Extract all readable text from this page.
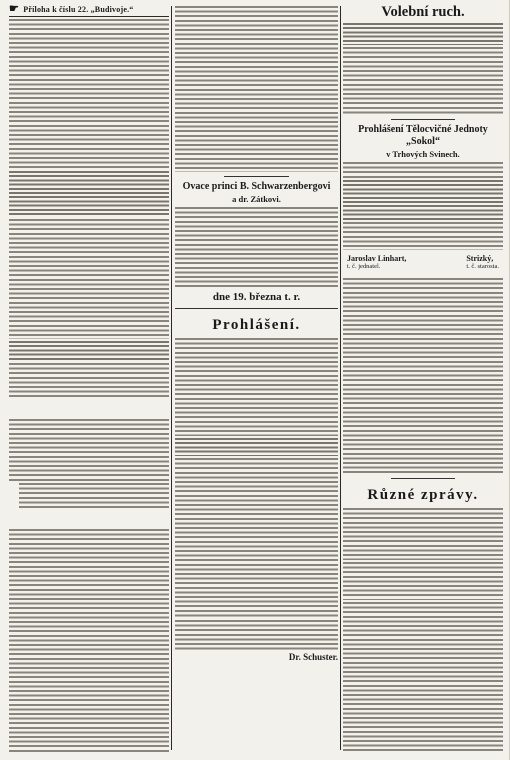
☛ Příloha k číslu 22. „Budivoje.“

Ovace princi B. Schwarzenbergovi
a dr. Zátkovi.
dne 19. března t. r.
Prohlášení.
Dr. Schuster.
Volební ruch.
Prohlášení Tělocvičné Jednoty „Sokol“
v Trhových Svinech.
Jaroslav Linhart,
t. č. jednatel.
Strizký,
t. č. starosta.
Různé zprávy.
